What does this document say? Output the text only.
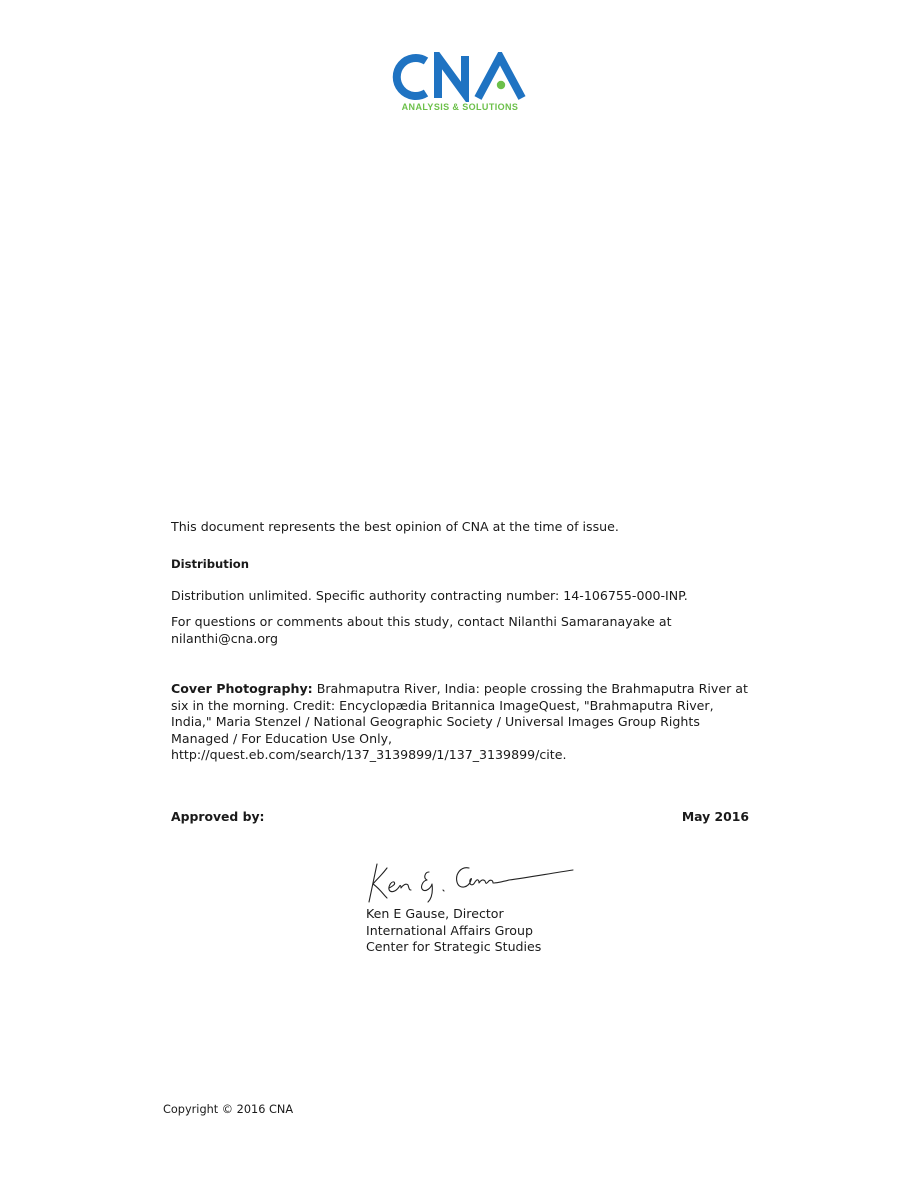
ANALYSIS & SOLUTIONS
This document represents the best opinion of CNA at the time of issue.
Distribution
Distribution unlimited. Specific authority contracting number: 14-106755-000-INP.
For questions or comments about this study, contact Nilanthi Samaranayake at nilanthi@cna.org
Cover Photography: Brahmaputra River, India: people crossing the Brahmaputra River at six in the morning. Credit: Encyclopædia Britannica ImageQuest, "Brahmaputra River, India," Maria Stenzel / National Geographic Society / Universal Images Group Rights Managed / For Education Use Only,
http://quest.eb.com/search/137_3139899/1/137_3139899/cite.
Approved by:	May 2016
Ken E Gause, Director
International Affairs Group
Center for Strategic Studies
Copyright © 2016 CNA
